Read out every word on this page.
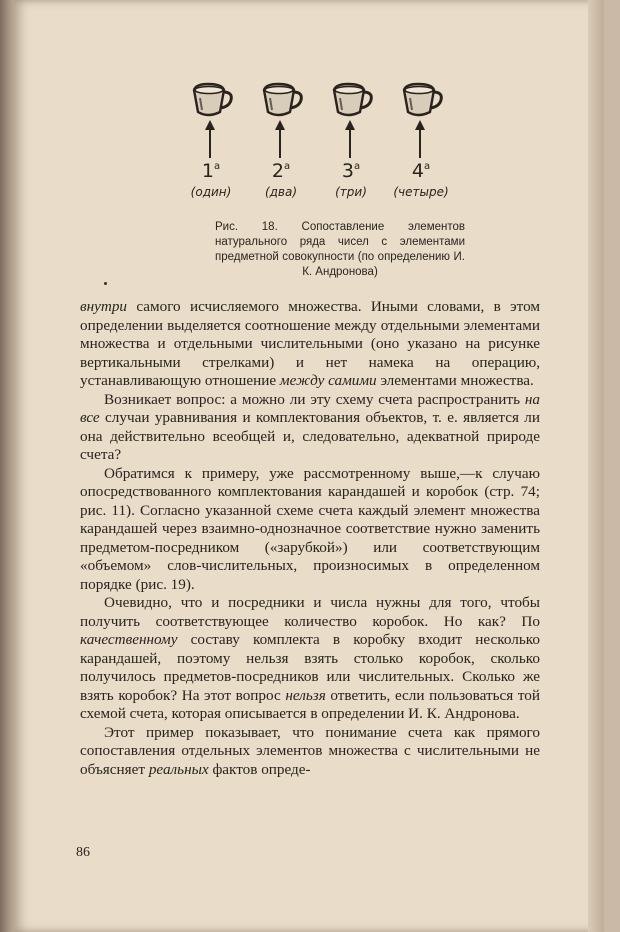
$1^а$
(один)
$2^а$
(два)
$3^а$
(три)
$4^а$
(четыре)
Рис. 18. Сопоставление элементов натурального ряда чисел с элементами предметной совокупности (по определению И. К. Андронова)

внутри самого исчисляемого множества. Иными словами, в этом определении выделяется соотношение между отдельными элементами множества и отдельными числительными (оно указано на рисунке вертикальными стрелками) и нет намека на операцию, устанавливающую отношение между самими элементами множества.

Возникает вопрос: а можно ли эту схему счета распространить на все случаи уравнивания и комплектования объектов, т. е. является ли она действительно всеобщей и, следовательно, адекватной природе счета?

Обратимся к примеру, уже рассмотренному выше,—к случаю опосредствованного комплектования карандашей и коробок (стр. 74; рис. 11). Согласно указанной схеме счета каждый элемент множества карандашей через взаимно-однозначное соответствие нужно заменить предметом-посредником («зарубкой») или соответствующим «объемом» слов-числительных, произносимых в определенном порядке (рис. 19).

Очевидно, что и посредники и числа нужны для того, чтобы получить соответствующее количество коробок. Но как? По качественному составу комплекта в коробку входит несколько карандашей, поэтому нельзя взять столько коробок, сколько получилось предметов-посредников или числительных. Сколько же взять коробок? На этот вопрос нельзя ответить, если пользоваться той схемой счета, которая описывается в определении И. К. Андронова.

Этот пример показывает, что понимание счета как прямого сопоставления отдельных элементов множества с числительными не объясняет реальных фактов опреде-

86
